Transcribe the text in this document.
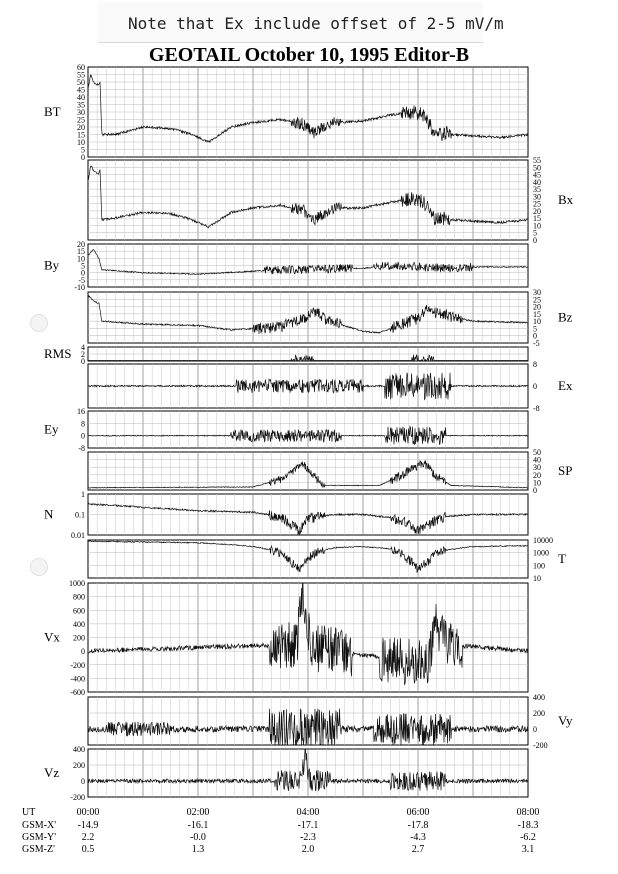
Note that Ex include offset of 2-5 mV/m
GEOTAIL October 10, 1995 Editor-B
0
5
10
15
20
25
30
35
40
45
50
55
60
BT
0
5
10
15
20
25
30
35
40
45
50
55
Bx
-10
-5
0
5
10
15
20
By
-5
0
5
10
15
20
25
30
Bz
0
2
4
RMS
-8
0
8
Ex
-8
0
8
16
Ey
0
10
20
30
40
50
SP
0.01
0.1
1
N
10
100
1000
10000
T
-600
-400
-200
0
200
400
600
800
1000
Vx
-200
0
200
400
Vy
-200
0
200
400
Vz
UT	00:00	02:00	04:00	06:00	08:00
GSM-X' -14.9	-16.1	-17.1	-17.8	-18.3
GSM-Y'	2.2	-0.0	-2.3	-4.3	-6.2
GSM-Z'	0.5	1.3	2.0	2.7	3.1
